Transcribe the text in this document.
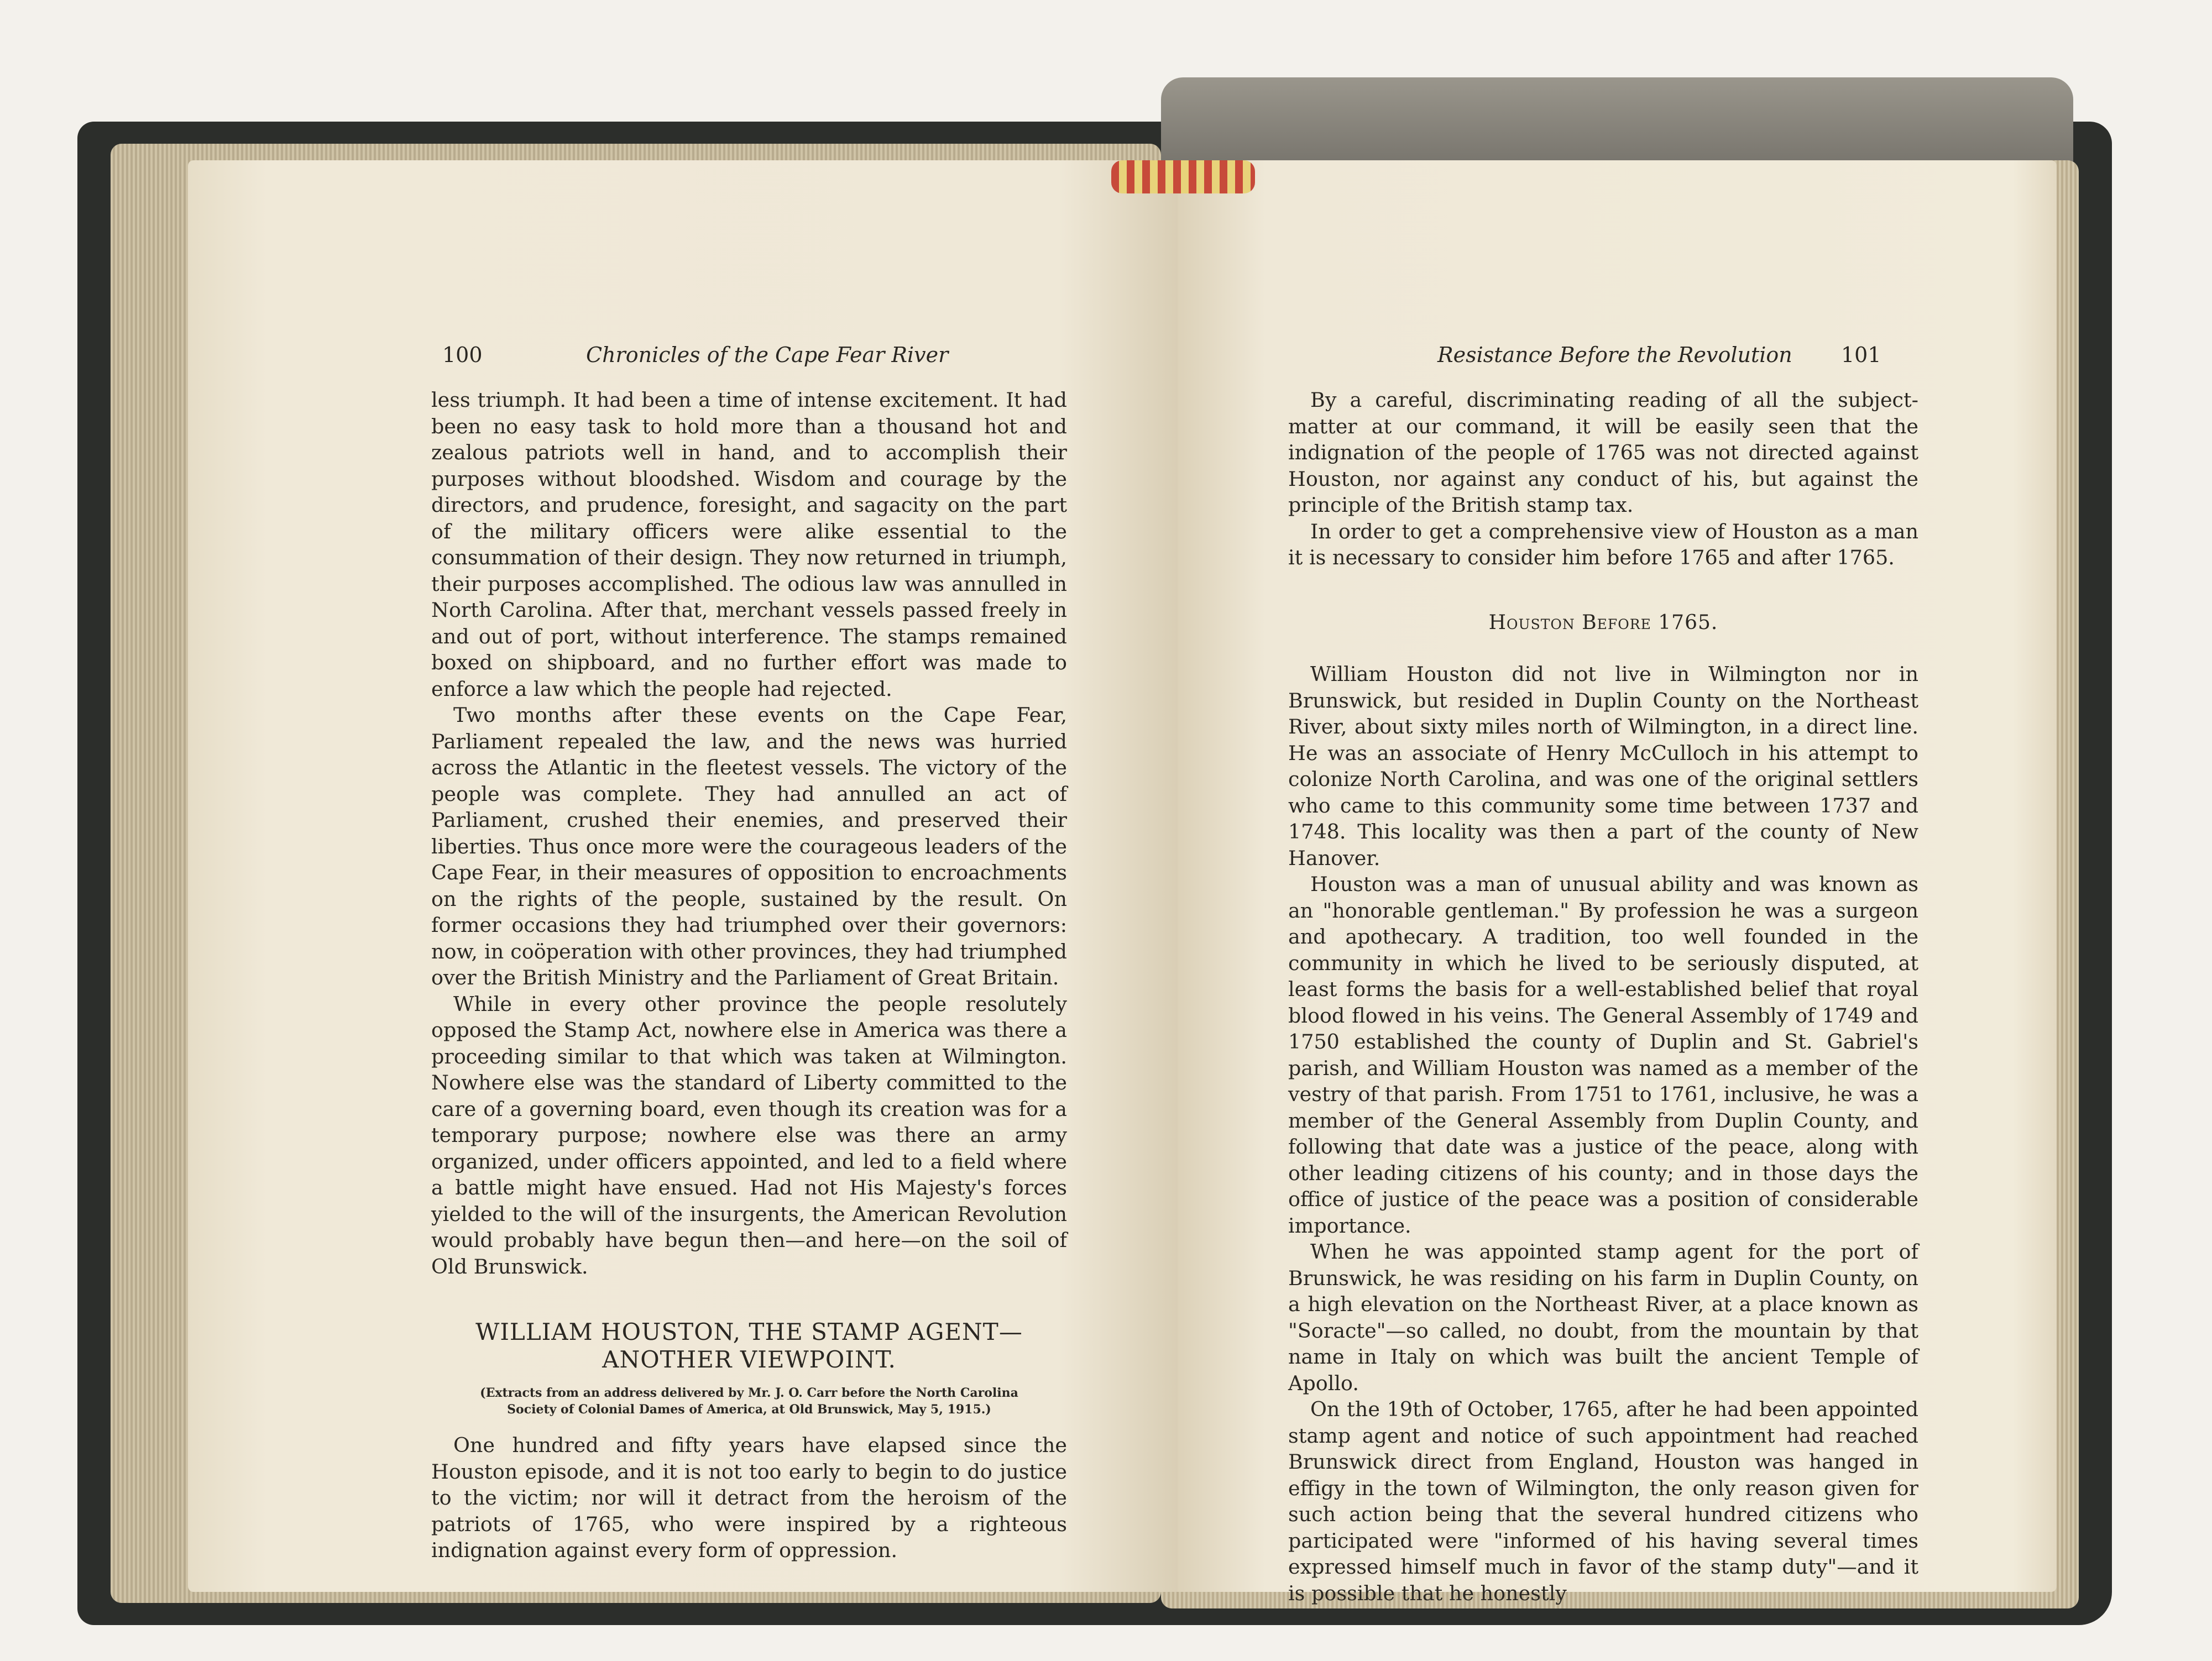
100	Chronicles of the Cape Fear River

less triumph. It had been a time of intense excitement. It had been no easy task to hold more than a thousand hot and zealous patriots well in hand, and to accomplish their purposes without bloodshed. Wisdom and courage by the directors, and prudence, foresight, and sagacity on the part of the military officers were alike essential to the consummation of their design. They now returned in triumph, their purposes accomplished. The odious law was annulled in North Carolina. After that, merchant vessels passed freely in and out of port, without interference. The stamps remained boxed on shipboard, and no further effort was made to enforce a law which the people had rejected.

Two months after these events on the Cape Fear, Parliament repealed the law, and the news was hurried across the Atlantic in the fleetest vessels. The victory of the people was complete. They had annulled an act of Parliament, crushed their enemies, and preserved their liberties. Thus once more were the courageous leaders of the Cape Fear, in their measures of opposition to encroachments on the rights of the people, sustained by the result. On former occasions they had triumphed over their governors: now, in coöperation with other provinces, they had triumphed over the British Ministry and the Parliament of Great Britain.

While in every other province the people resolutely opposed the Stamp Act, nowhere else in America was there a proceeding similar to that which was taken at Wilmington. Nowhere else was the standard of Liberty committed to the care of a governing board, even though its creation was for a temporary purpose; nowhere else was there an army organized, under officers appointed, and led to a field where a battle might have ensued. Had not His Majesty's forces yielded to the will of the insurgents, the American Revolution would probably have begun then—and here—on the soil of Old Brunswick.

WILLIAM HOUSTON, THE STAMP AGENT—
ANOTHER VIEWPOINT.
(Extracts from an address delivered by Mr. J. O. Carr before the North Carolina Society of Colonial Dames of America, at Old Brunswick, May 5, 1915.)

One hundred and fifty years have elapsed since the Houston episode, and it is not too early to begin to do justice to the victim; nor will it detract from the heroism of the patriots of 1765, who were inspired by a righteous indignation against every form of oppression.

Resistance Before the Revolution 101

By a careful, discriminating reading of all the subject-matter at our command, it will be easily seen that the indignation of the people of 1765 was not directed against Houston, nor against any conduct of his, but against the principle of the British stamp tax.

In order to get a comprehensive view of Houston as a man it is necessary to consider him before 1765 and after 1765.

Houston Before 1765.

William Houston did not live in Wilmington nor in Brunswick, but resided in Duplin County on the Northeast River, about sixty miles north of Wilmington, in a direct line. He was an associate of Henry McCulloch in his attempt to colonize North Carolina, and was one of the original settlers who came to this community some time between 1737 and 1748. This locality was then a part of the county of New Hanover.

Houston was a man of unusual ability and was known as an "honorable gentleman." By profession he was a surgeon and apothecary. A tradition, too well founded in the community in which he lived to be seriously disputed, at least forms the basis for a well-established belief that royal blood flowed in his veins. The General Assembly of 1749 and 1750 established the county of Duplin and St. Gabriel's parish, and William Houston was named as a member of the vestry of that parish. From 1751 to 1761, inclusive, he was a member of the General Assembly from Duplin County, and following that date was a justice of the peace, along with other leading citizens of his county; and in those days the office of justice of the peace was a position of considerable importance.

When he was appointed stamp agent for the port of Brunswick, he was residing on his farm in Duplin County, on a high elevation on the Northeast River, at a place known as "Soracte"—so called, no doubt, from the mountain by that name in Italy on which was built the ancient Temple of Apollo.

On the 19th of October, 1765, after he had been appointed stamp agent and notice of such appointment had reached Brunswick direct from England, Houston was hanged in effigy in the town of Wilmington, the only reason given for such action being that the several hundred citizens who participated were "informed of his having several times expressed himself much in favor of the stamp duty"—and it is possible that he honestly
